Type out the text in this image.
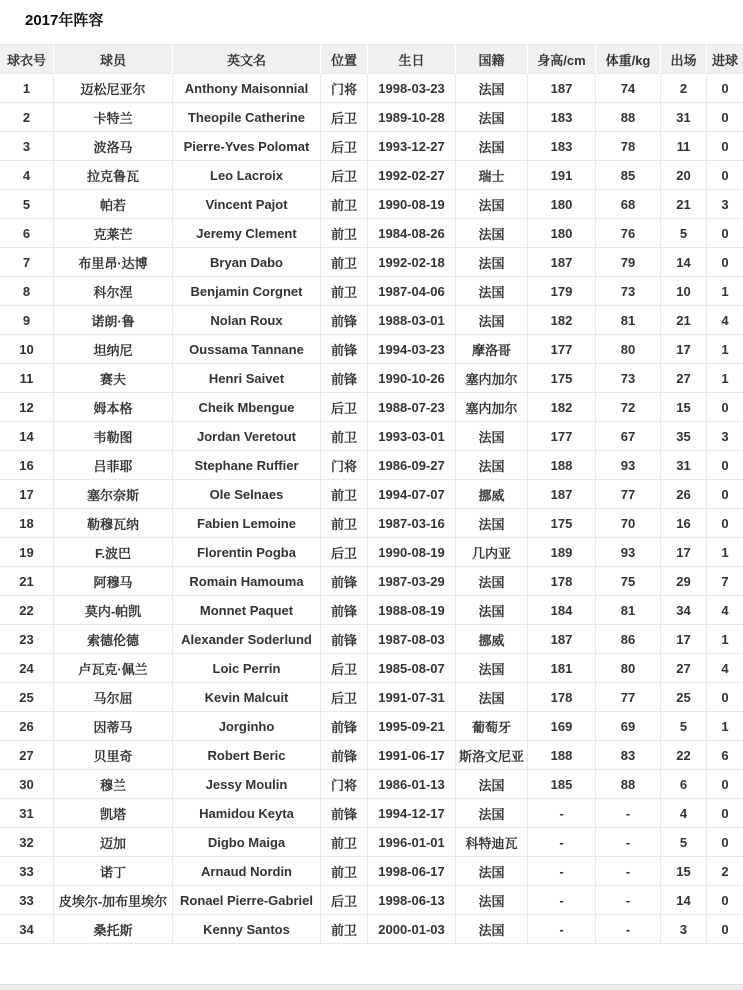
2017年阵容
球衣号	球员	英文名	位置	生日	国籍	身高/cm	体重/kg	出场	进球
1	迈松尼亚尔	Anthony Maisonnial	门将	1998-03-23	法国	187	74	2	0
2	卡特兰	Theopile Catherine	后卫	1989-10-28	法国	183	88	31	0
3	波洛马	Pierre-Yves Polomat	后卫	1993-12-27	法国	183	78	11	0
4	拉克鲁瓦	Leo Lacroix	后卫	1992-02-27	瑞士	191	85	20	0
5	帕若	Vincent Pajot	前卫	1990-08-19	法国	180	68	21	3
6	克莱芒	Jeremy Clement	前卫	1984-08-26	法国	180	76	5	0
7	布里昂·达博	Bryan Dabo	前卫	1992-02-18	法国	187	79	14	0
8	科尔涅	Benjamin Corgnet	前卫	1987-04-06	法国	179	73	10	1
9	诺朗·鲁	Nolan Roux	前锋	1988-03-01	法国	182	81	21	4
10	坦纳尼	Oussama Tannane	前锋	1994-03-23	摩洛哥	177	80	17	1
11	赛夫	Henri Saivet	前锋	1990-10-26	塞内加尔	175	73	27	1
12	姆本格	Cheik Mbengue	后卫	1988-07-23	塞内加尔	182	72	15	0
14	韦勒图	Jordan Veretout	前卫	1993-03-01	法国	177	67	35	3
16	吕菲耶	Stephane Ruffier	门将	1986-09-27	法国	188	93	31	0
17	塞尔奈斯	Ole Selnaes	前卫	1994-07-07	挪威	187	77	26	0
18	勒穆瓦纳	Fabien Lemoine	前卫	1987-03-16	法国	175	70	16	0
19	F.波巴	Florentin Pogba	后卫	1990-08-19	几内亚	189	93	17	1
21	阿穆马	Romain Hamouma	前锋	1987-03-29	法国	178	75	29	7
22	莫内-帕凯	Monnet Paquet	前锋	1988-08-19	法国	184	81	34	4
23	索德伦德	Alexander Soderlund	前锋	1987-08-03	挪威	187	86	17	1
24	卢瓦克·佩兰	Loic Perrin	后卫	1985-08-07	法国	181	80	27	4
25	马尔屈	Kevin Malcuit	后卫	1991-07-31	法国	178	77	25	0
26	因蒂马	Jorginho	前锋	1995-09-21	葡萄牙	169	69	5	1
27	贝里奇	Robert Beric	前锋	1991-06-17	斯洛文尼亚	188	83	22	6
30	穆兰	Jessy Moulin	门将	1986-01-13	法国	185	88	6	0
31	凯塔	Hamidou Keyta	前锋	1994-12-17	法国	-	-	4	0
32	迈加	Digbo Maiga	前卫	1996-01-01	科特迪瓦	-	-	5	0
33	诺丁	Arnaud Nordin	前卫	1998-06-17	法国	-	-	15	2
33	皮埃尔-加布里埃尔	Ronael Pierre-Gabriel	后卫	1998-06-13	法国	-	-	14	0
34	桑托斯	Kenny Santos	前卫	2000-01-03	法国	-	-	3	0
